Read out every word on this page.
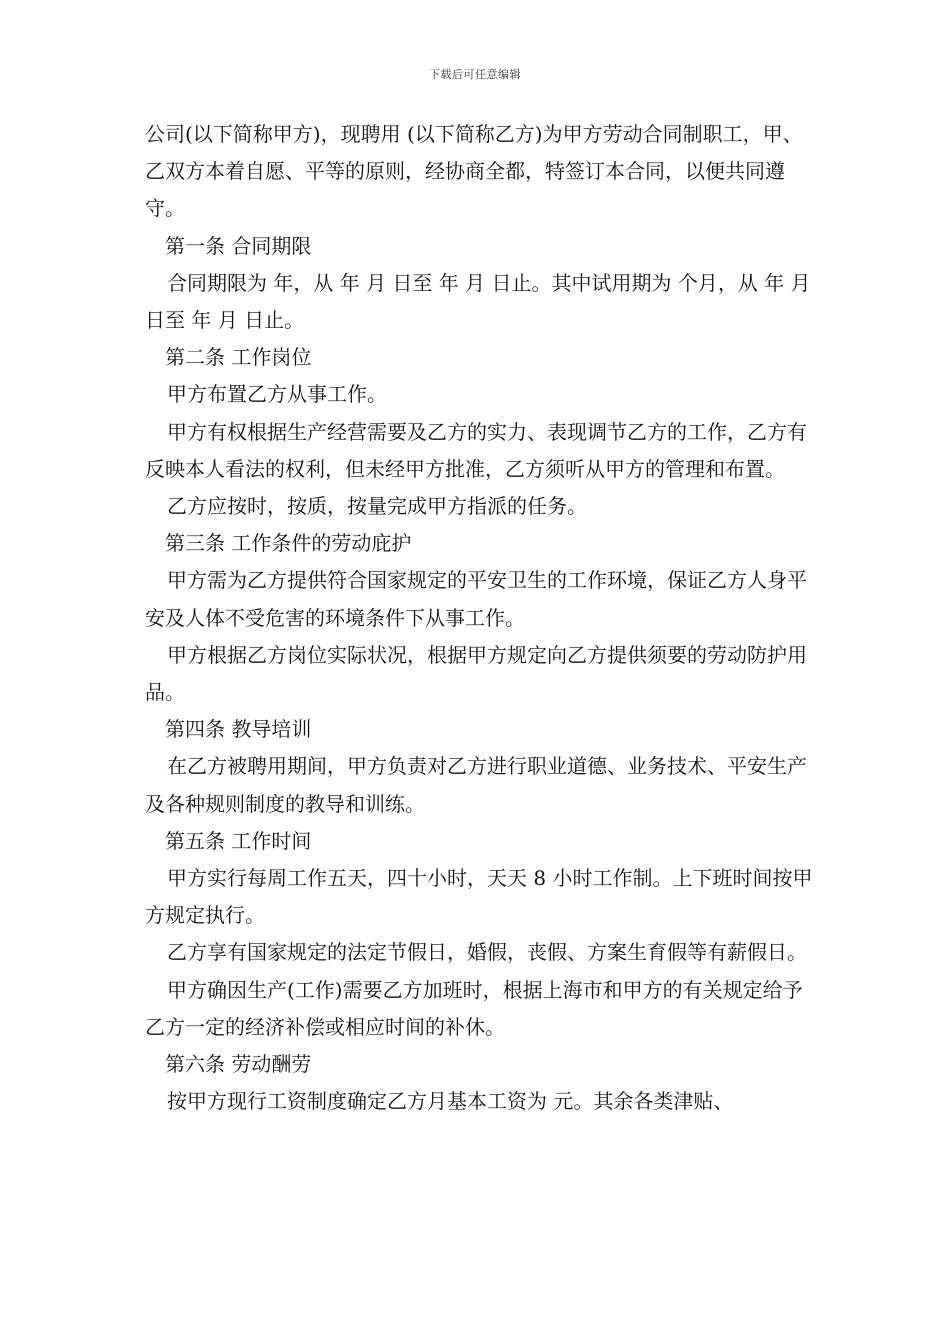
下载后可任意编辑

公司(以下简称甲方)，现聘用 (以下简称乙方)为甲方劳动合同制职工，甲、乙双方本着自愿、平等的原则，经协商全都，特签订本合同，以便共同遵守。

第一条 合同期限

合同期限为 年，从 年 月 日至 年 月 日止。其中试用期为 个月，从 年 月 日至 年 月 日止。

第二条 工作岗位

甲方布置乙方从事工作。

甲方有权根据生产经营需要及乙方的实力、表现调节乙方的工作，乙方有反映本人看法的权利，但未经甲方批准，乙方须听从甲方的管理和布置。

乙方应按时，按质，按量完成甲方指派的任务。

第三条 工作条件的劳动庇护

甲方需为乙方提供符合国家规定的平安卫生的工作环境，保证乙方人身平安及人体不受危害的环境条件下从事工作。

甲方根据乙方岗位实际状况，根据甲方规定向乙方提供须要的劳动防护用品。

第四条 教导培训

在乙方被聘用期间，甲方负责对乙方进行职业道德、业务技术、平安生产及各种规则制度的教导和训练。

第五条 工作时间

甲方实行每周工作五天，四十小时，天天 8 小时工作制。上下班时间按甲方规定执行。

乙方享有国家规定的法定节假日，婚假，丧假、方案生育假等有薪假日。

甲方确因生产(工作)需要乙方加班时，根据上海市和甲方的有关规定给予乙方一定的经济补偿或相应时间的补休。

第六条 劳动酬劳

按甲方现行工资制度确定乙方月基本工资为 元。其余各类津贴、
